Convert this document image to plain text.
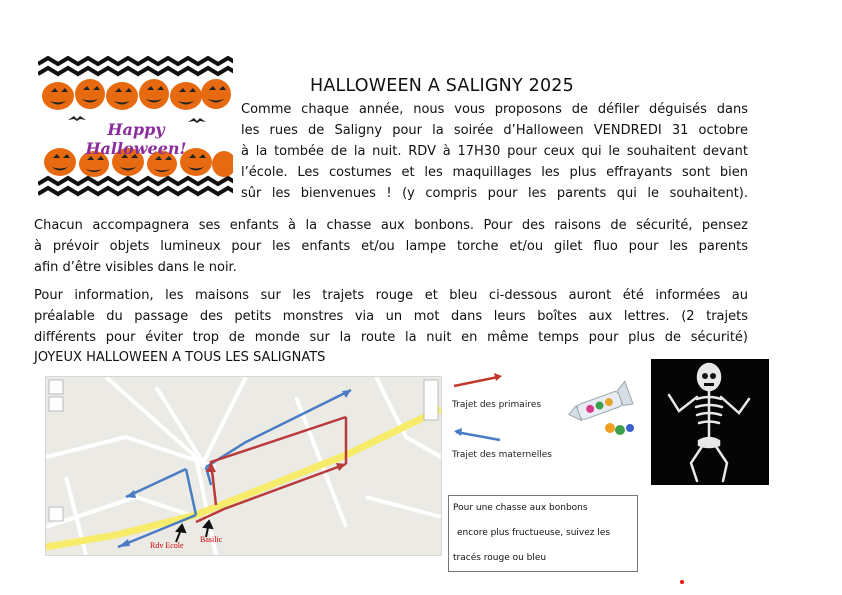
Happy Halloween!
HALLOWEEN A SALIGNY 2025
Comme chaque année, nous vous proposons de défiler déguisés dans
les rues de Saligny pour la soirée d’Halloween VENDREDI 31 octobre
à la tombée de la nuit. RDV à 17H30 pour ceux qui le souhaitent devant
l’école. Les costumes et les maquillages les plus effrayants sont bien
sûr les bienvenues ! (y compris pour les parents qui le souhaitent).
Chacun accompagnera ses enfants à la chasse aux bonbons. Pour des raisons de sécurité, pensez
à prévoir objets lumineux pour les enfants et/ou lampe torche et/ou gilet fluo pour les parents
afin d’être visibles dans le noir.
Pour information, les maisons sur les trajets rouge et bleu ci-dessous auront été informées au
préalable du passage des petits monstres via un mot dans leurs boîtes aux lettres. (2 trajets
différents pour éviter trop de monde sur la route la nuit en même temps pour plus de sécurité)
JOYEUX HALLOWEEN A TOUS LES SALIGNATS
Rdv Ecole
Basilic
Trajet des primaires
Trajet des maternelles
Pour une chasse aux bonbons
encore plus fructueuse, suivez les
tracés rouge ou bleu
